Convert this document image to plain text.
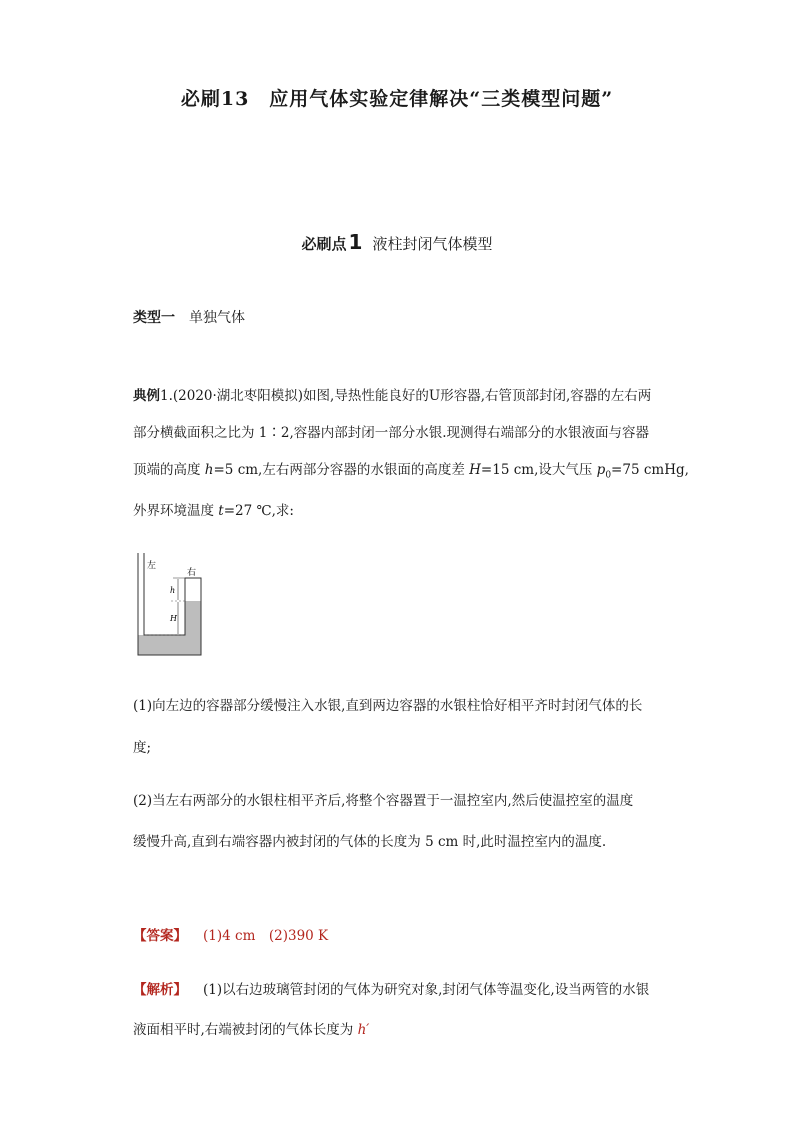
必刷13　应用气体实验定律解决“三类模型问题”
必刷点 1 液柱封闭气体模型
类型一 单独气体
典例1.(2020·湖北枣阳模拟)如图,导热性能良好的U形容器,右管顶部封闭,容器的左右两
部分横截面积之比为 1∶2,容器内部封闭一部分水银.现测得右端部分的水银液面与容器
顶端的高度 h=5 cm,左右两部分容器的水银面的高度差 H=15 cm,设大气压 $p_0=75$ cmHg,
外界环境温度 t=27 ℃,求:
左
右
h
H
(1)向左边的容器部分缓慢注入水银,直到两边容器的水银柱恰好相平齐时封闭气体的长
度;
(2)当左右两部分的水银柱相平齐后,将整个容器置于一温控室内,然后使温控室的温度
缓慢升高,直到右端容器内被封闭的气体的长度为 5 cm 时,此时温控室内的温度.
【答案】 (1)4 cm　(2)390 K
【解析】 (1)以右边玻璃管封闭的气体为研究对象,封闭气体等温变化,设当两管的水银
液面相平时,右端被封闭的气体长度为 h′
